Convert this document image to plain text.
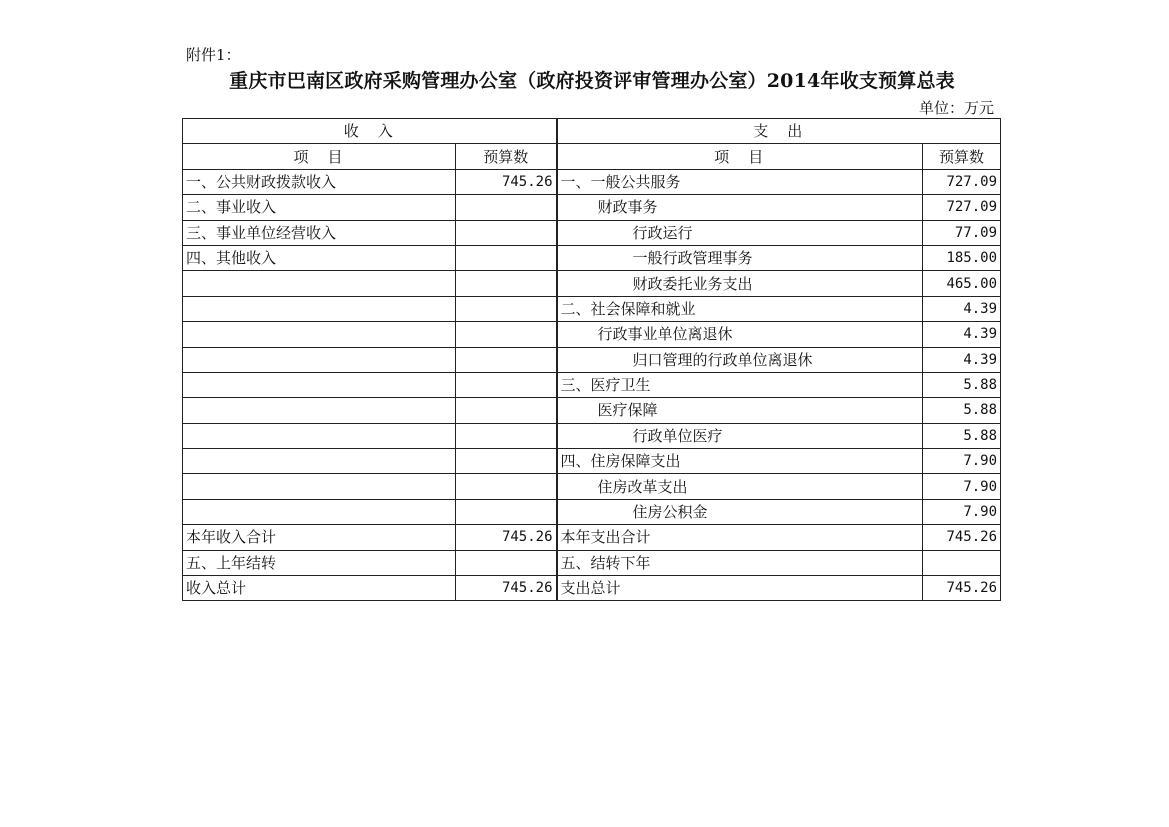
附件1：
重庆市巴南区政府采购管理办公室（政府投资评审管理办公室）2014年收支预算总表
单位：万元
收　入		支　出	
项　目	预算数	项　目	预算数
一、公共财政拨款收入	745.26	一、一般公共服务	727.09
二、事业收入		财政事务	727.09
三、事业单位经营收入		行政运行	77.09
四、其他收入		一般行政管理事务	185.00
		财政委托业务支出	465.00
		二、社会保障和就业	4.39
		行政事业单位离退休	4.39
		归口管理的行政单位离退休	4.39
		三、医疗卫生	5.88
		医疗保障	5.88
		行政单位医疗	5.88
		四、住房保障支出	7.90
		住房改革支出	7.90
		住房公积金	7.90
本年收入合计	745.26	本年支出合计	745.26
五、上年结转		五、结转下年	
收入总计	745.26	支出总计	745.26
